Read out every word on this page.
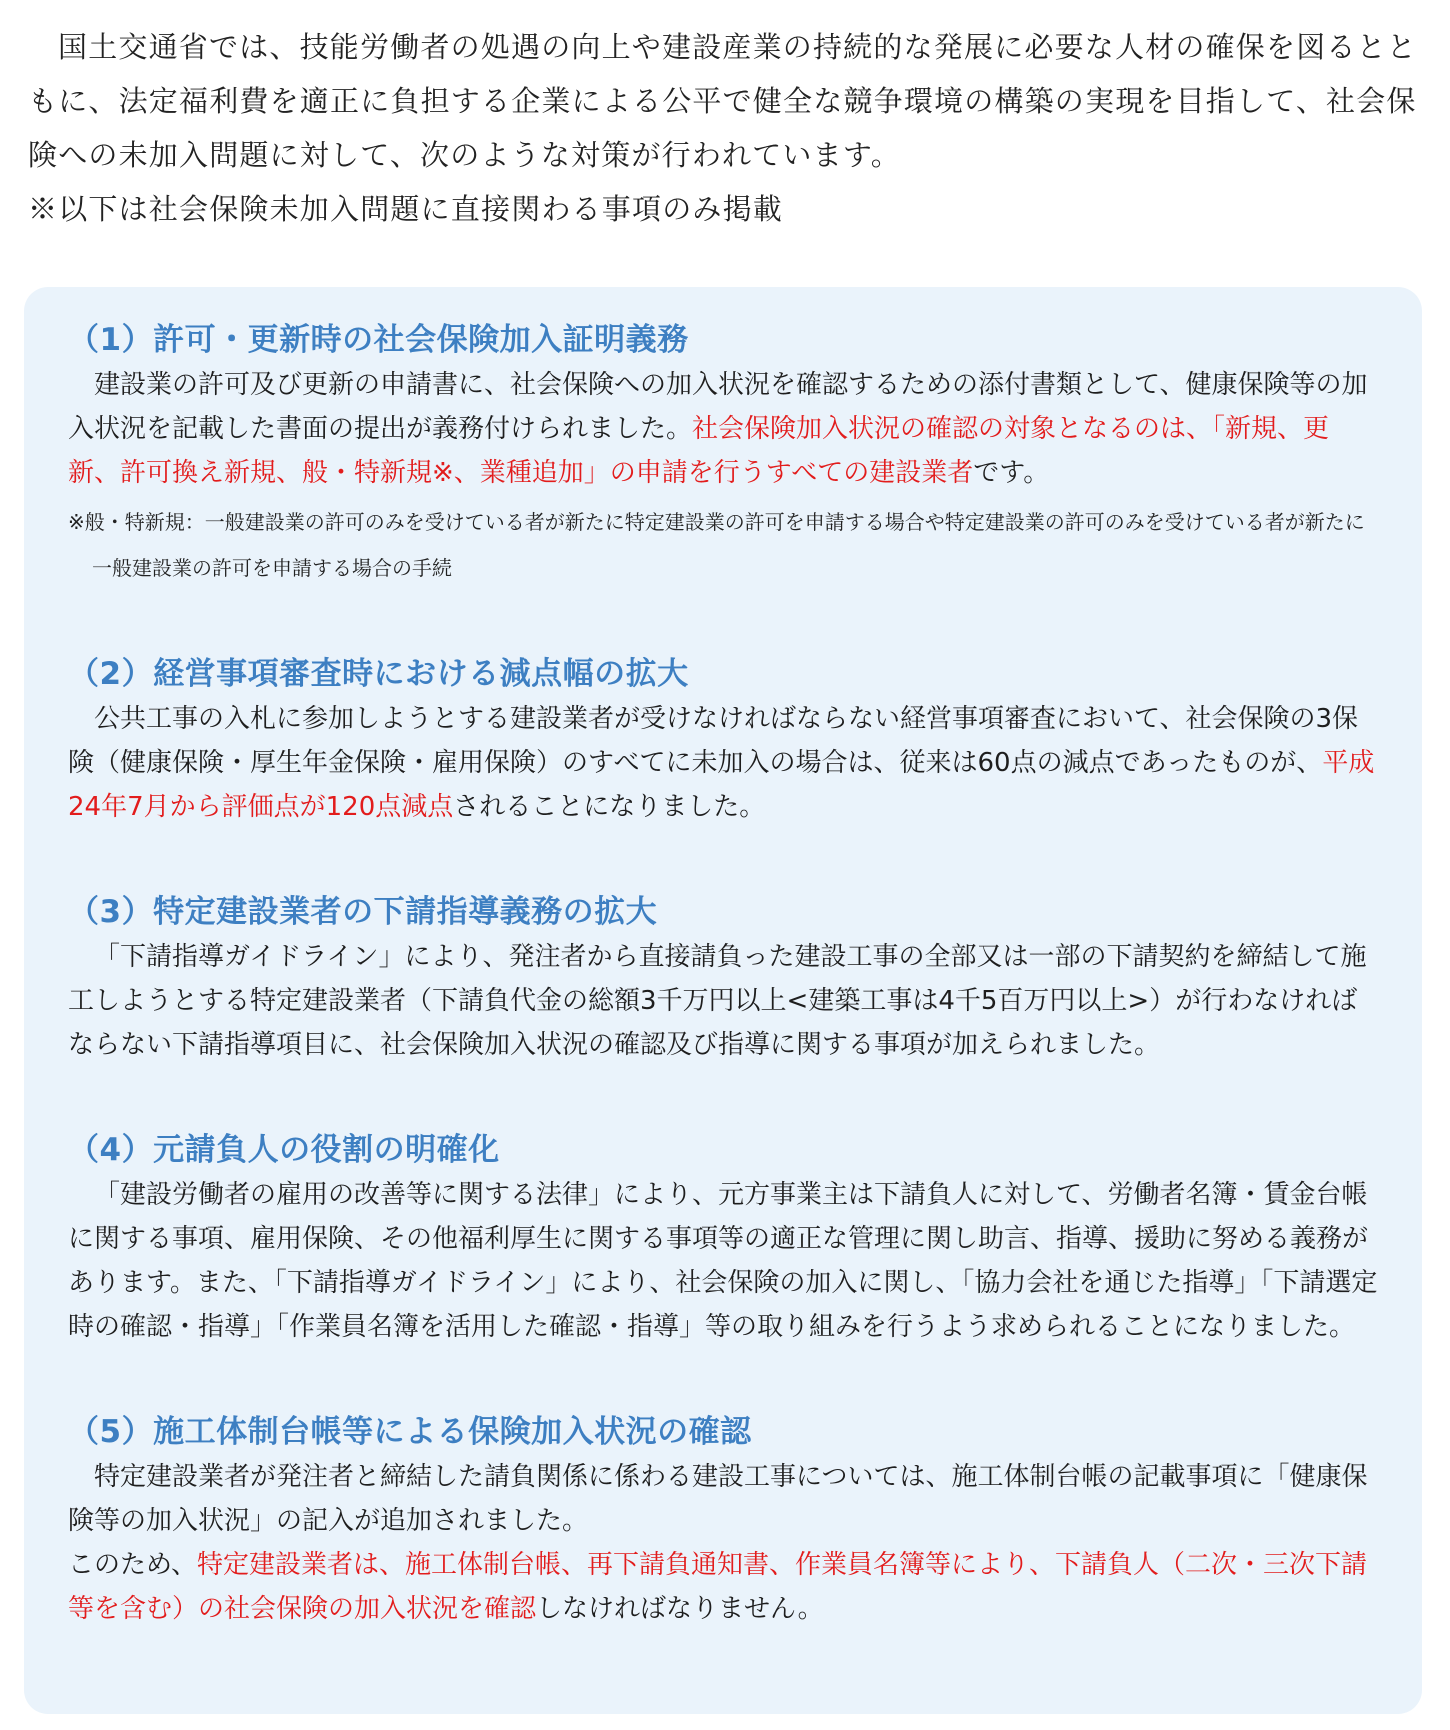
国土交通省では、技能労働者の処遇の向上や建設産業の持続的な発展に必要な人材の確保を図るとともに、法定福利費を適正に負担する企業による公平で健全な競争環境の構築の実現を目指して、社会保険への未加入問題に対して、次のような対策が行われています。

※以下は社会保険未加入問題に直接関わる事項のみ掲載

（1）許可・更新時の社会保険加入証明義務

建設業の許可及び更新の申請書に、社会保険への加入状況を確認するための添付書類として、健康保険等の加入状況を記載した書面の提出が義務付けられました。社会保険加入状況の確認の対象となるのは、「新規、更新、許可換え新規、般・特新規※、業種追加」の申請を行うすべての建設業者です。

※般・特新規：一般建設業の許可のみを受けている者が新たに特定建設業の許可を申請する場合や特定建設業の許可のみを受けている者が新たに一般建設業の許可を申請する場合の手続

（2）経営事項審査時における減点幅の拡大

公共工事の入札に参加しようとする建設業者が受けなければならない経営事項審査において、社会保険の3保険（健康保険・厚生年金保険・雇用保険）のすべてに未加入の場合は、従来は60点の減点であったものが、平成24年7月から評価点が120点減点されることになりました。

（3）特定建設業者の下請指導義務の拡大

「下請指導ガイドライン」により、発注者から直接請負った建設工事の全部又は一部の下請契約を締結して施工しようとする特定建設業者（下請負代金の総額3千万円以上<建築工事は4千5百万円以上>）が行わなければならない下請指導項目に、社会保険加入状況の確認及び指導に関する事項が加えられました。

（4）元請負人の役割の明確化

「建設労働者の雇用の改善等に関する法律」により、元方事業主は下請負人に対して、労働者名簿・賃金台帳に関する事項、雇用保険、その他福利厚生に関する事項等の適正な管理に関し助言、指導、援助に努める義務があります。また、「下請指導ガイドライン」により、社会保険の加入に関し、「協力会社を通じた指導」「下請選定時の確認・指導」「作業員名簿を活用した確認・指導」等の取り組みを行うよう求められることになりました。

（5）施工体制台帳等による保険加入状況の確認

特定建設業者が発注者と締結した請負関係に係わる建設工事については、施工体制台帳の記載事項に「健康保険等の加入状況」の記入が追加されました。

このため、特定建設業者は、施工体制台帳、再下請負通知書、作業員名簿等により、下請負人（二次・三次下請等を含む）の社会保険の加入状況を確認しなければなりません。
